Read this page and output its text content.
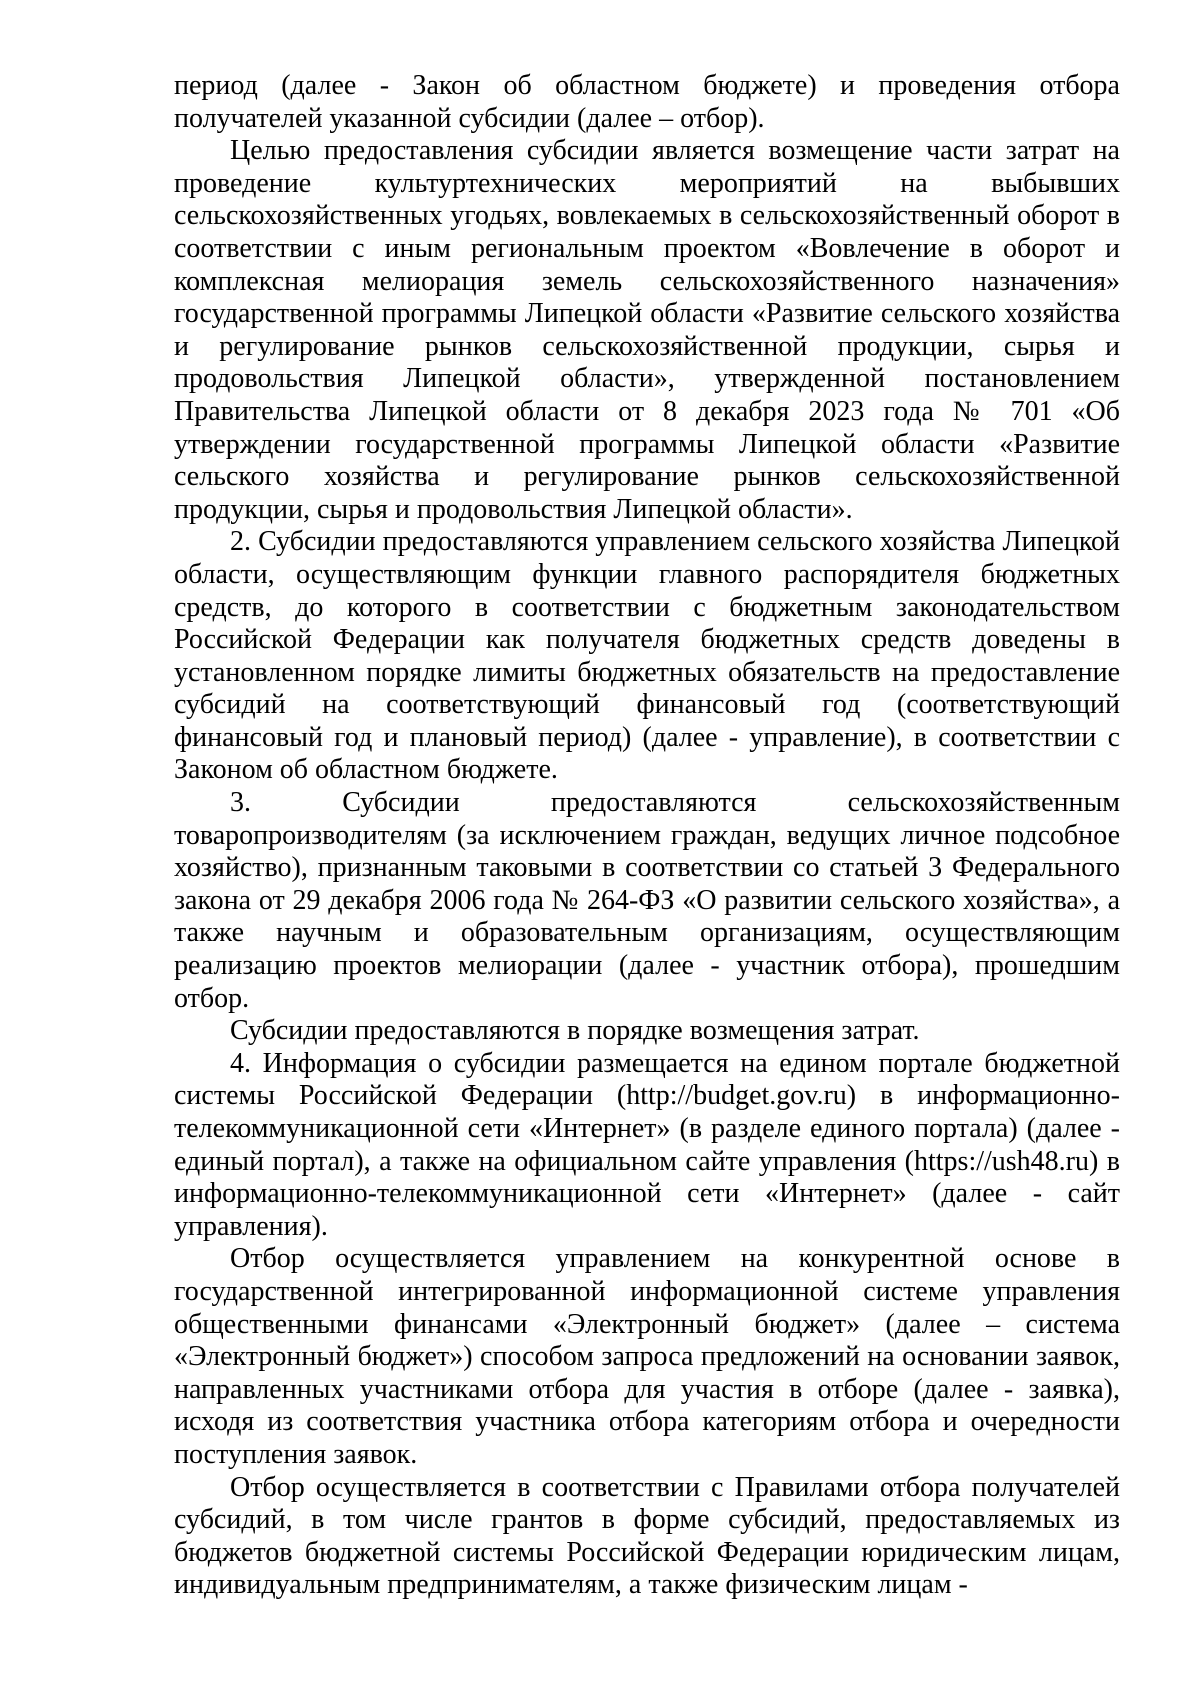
период (далее - Закон об областном бюджете) и проведения отбора получателей указанной субсидии (далее – отбор).

Целью предоставления субсидии является возмещение части затрат на проведение культуртехнических мероприятий на выбывших сельскохозяйственных угодьях, вовлекаемых в сельскохозяйственный оборот в соответствии с иным региональным проектом «Вовлечение в оборот и комплексная мелиорация земель сельскохозяйственного назначения» государственной программы Липецкой области «Развитие сельского хозяйства и регулирование рынков сельскохозяйственной продукции, сырья и продовольствия Липецкой области», утвержденной постановлением Правительства Липецкой области от 8 декабря 2023 года № 701 «Об утверждении государственной программы Липецкой области «Развитие сельского хозяйства и регулирование рынков сельскохозяйственной продукции, сырья и продовольствия Липецкой области».

2. Субсидии предоставляются управлением сельского хозяйства Липецкой области, осуществляющим функции главного распорядителя бюджетных средств, до которого в соответствии с бюджетным законодательством Российской Федерации как получателя бюджетных средств доведены в установленном порядке лимиты бюджетных обязательств на предоставление субсидий на соответствующий финансовый год (соответствующий финансовый год и плановый период) (далее - управление), в соответствии с Законом об областном бюджете.

3. Субсидии предоставляются сельскохозяйственным товаропроизводителям (за исключением граждан, ведущих личное подсобное хозяйство), признанным таковыми в соответствии со статьей 3 Федерального закона от 29 декабря 2006 года № 264-ФЗ «О развитии сельского хозяйства», а также научным и образовательным организациям, осуществляющим реализацию проектов мелиорации (далее - участник отбора), прошедшим отбор.

Субсидии предоставляются в порядке возмещения затрат.

4. Информация о субсидии размещается на едином портале бюджетной системы Российской Федерации (http://budget.gov.ru) в информационно-телекоммуникационной сети «Интернет» (в разделе единого портала) (далее - единый портал), а также на официальном сайте управления (https://ush48.ru) в информационно-телекоммуникационной сети «Интернет» (далее - сайт управления).

Отбор осуществляется управлением на конкурентной основе в государственной интегрированной информационной системе управления общественными финансами «Электронный бюджет» (далее – система «Электронный бюджет») способом запроса предложений на основании заявок, направленных участниками отбора для участия в отборе (далее - заявка), исходя из соответствия участника отбора категориям отбора и очередности поступления заявок.

Отбор осуществляется в соответствии с Правилами отбора получателей субсидий, в том числе грантов в форме субсидий, предоставляемых из бюджетов бюджетной системы Российской Федерации юридическим лицам, индивидуальным предпринимателям, а также физическим лицам -
